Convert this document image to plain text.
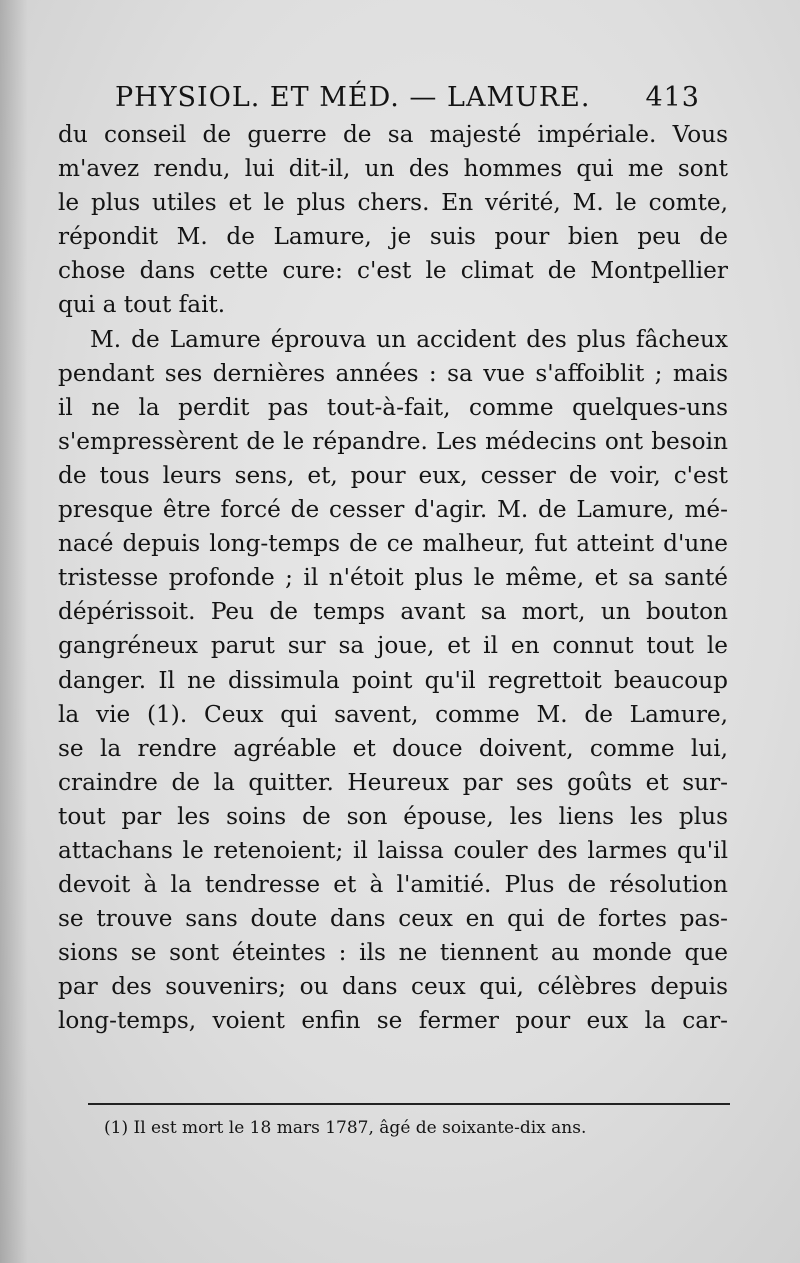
PHYSIOL. ET MÉD. — LAMURE. 413
du conseil de guerre de sa majesté impériale. Vous
m'avez rendu, lui dit-il, un des hommes qui me sont
le plus utiles et le plus chers. En vérité, M. le comte,
répondit M. de Lamure, je suis pour bien peu de
chose dans cette cure: c'est le climat de Montpellier
qui a tout fait.
M. de Lamure éprouva un accident des plus fâcheux
pendant ses dernières années : sa vue s'affoiblit ; mais
il ne la perdit pas tout-à-fait, comme quelques-uns
s'empressèrent de le répandre. Les médecins ont besoin
de tous leurs sens, et, pour eux, cesser de voir, c'est
presque être forcé de cesser d'agir. M. de Lamure, mé-
nacé depuis long-temps de ce malheur, fut atteint d'une
tristesse profonde ; il n'étoit plus le même, et sa santé
dépérissoit. Peu de temps avant sa mort, un bouton
gangréneux parut sur sa joue, et il en connut tout le
danger. Il ne dissimula point qu'il regrettoit beaucoup
la vie (1). Ceux qui savent, comme M. de Lamure,
se la rendre agréable et douce doivent, comme lui,
craindre de la quitter. Heureux par ses goûts et sur-
tout par les soins de son épouse, les liens les plus
attachans le retenoient; il laissa couler des larmes qu'il
devoit à la tendresse et à l'amitié. Plus de résolution
se trouve sans doute dans ceux en qui de fortes pas-
sions se sont éteintes : ils ne tiennent au monde que
par des souvenirs; ou dans ceux qui, célèbres depuis
long-temps, voient enfin se fermer pour eux la car-
(1) Il est mort le 18 mars 1787, âgé de soixante-dix ans.
